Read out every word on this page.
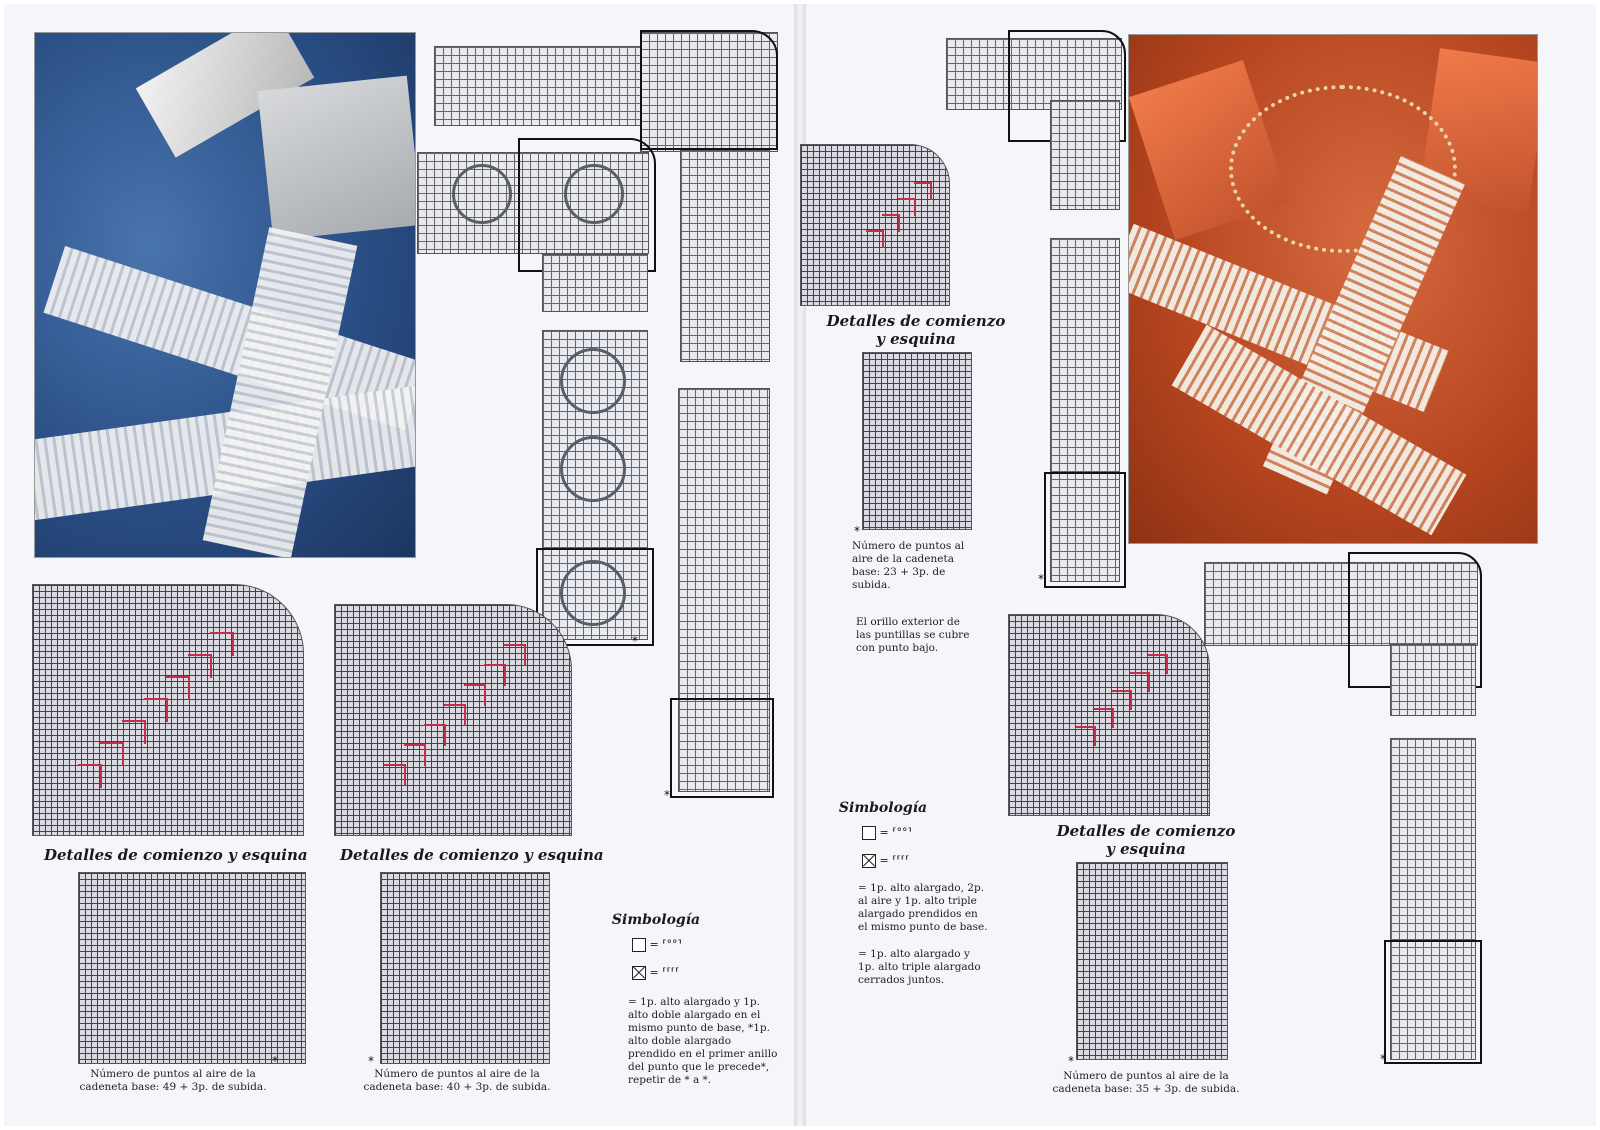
*
*
Detalles de comienzo y esquina
*
Número de puntos al aire de la cadeneta base: 49 + 3p. de subida.
Detalles de comienzo y esquina
*
Número de puntos al aire de la cadeneta base: 40 + 3p. de subida.
Simbología
= ⸢°°⸣
= ⸢⸢⸢⸢
= 1p. alto alargado y 1p. alto doble alargado en el mismo punto de base, *1p. alto doble alargado prendido en el primer anillo del punto que le precede*, repetir de * a *.
*
Detalles de comienzo y esquina
*
Número de puntos al aire de la cadeneta base: 23 + 3p. de subida.
El orillo exterior de las puntillas se cubre con punto bajo.
*
Detalles de comienzo y esquina
*
Número de puntos al aire de la cadeneta base: 35 + 3p. de subida.
Simbología
= ⸢°°⸣
= ⸢⸢⸢⸢
= 1p. alto alargado, 2p. al aire y 1p. alto triple alargado prendidos en el mismo punto de base.
= 1p. alto alargado y 1p. alto triple alargado cerrados juntos.
